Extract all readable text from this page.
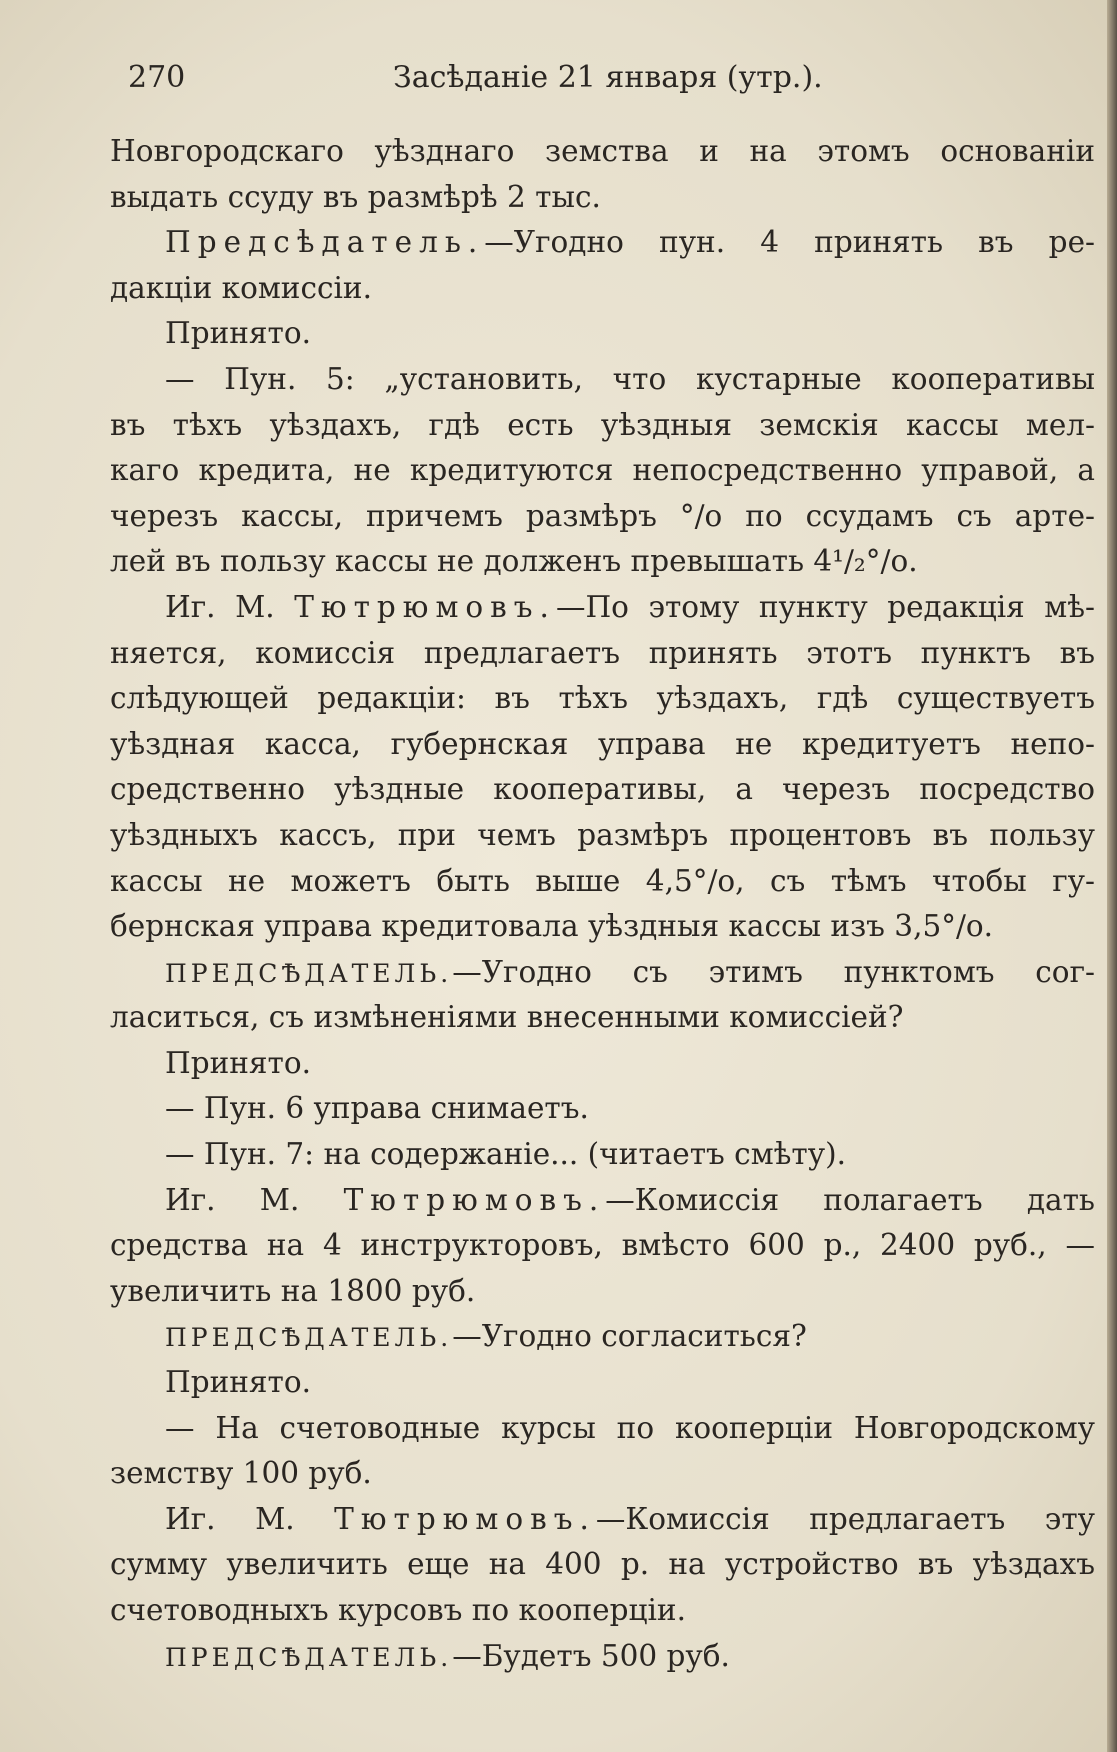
270	Засѣданіе 21 января (утр.).
Новгородскаго уѣзднаго земства и на этомъ основаніи
выдать ссуду въ размѣрѣ 2 тыс.
Предсѣдатель.—Угодно пун. 4 принять въ ре-
дакціи комиссіи.
Принято.
— Пун. 5: „установить, что кустарные кооперативы
въ тѣхъ уѣздахъ, гдѣ есть уѣздныя земскія кассы мел-
каго кредита, не кредитуются непосредственно управой, а
черезъ кассы, причемъ размѣръ °/о по ссудамъ съ арте-
лей въ пользу кассы не долженъ превышать 4¹/₂°/о.
Иг. М. Тютрюмовъ.—По этому пункту редакція мѣ-
няется, комиссія предлагаетъ принять этотъ пунктъ въ
слѣдующей редакціи: въ тѣхъ уѣздахъ, гдѣ существуетъ
уѣздная касса, губернская управа не кредитуетъ непо-
средственно уѣздные кооперативы, а черезъ посредство
уѣздныхъ кассъ, при чемъ размѣръ процентовъ въ пользу
кассы не можетъ быть выше 4,5°/о, съ тѣмъ чтобы гу-
бернская управа кредитовала уѣздныя кассы изъ 3,5°/о.
ПРЕДСѢДАТЕЛЬ.—Угодно съ этимъ пунктомъ сог-
ласиться, съ измѣненіями внесенными комиссіей?
Принято.
— Пун. 6 управа снимаетъ.
— Пун. 7: на содержаніе... (читаетъ смѣту).
Иг. М. Тютрюмовъ.—Комиссія полагаетъ дать
средства на 4 инструкторовъ, вмѣсто 600 р., 2400 руб., —
увеличить на 1800 руб.
ПРЕДСѢДАТЕЛЬ.—Угодно согласиться?
Принято.
— На счетоводные курсы по кооперціи Новгородскому
земству 100 руб.
Иг. М. Тютрюмовъ.—Комиссія предлагаетъ эту
сумму увеличить еще на 400 р. на устройство въ уѣздахъ
счетоводныхъ курсовъ по кооперціи.
ПРЕДСѢДАТЕЛЬ.—Будетъ 500 руб.
